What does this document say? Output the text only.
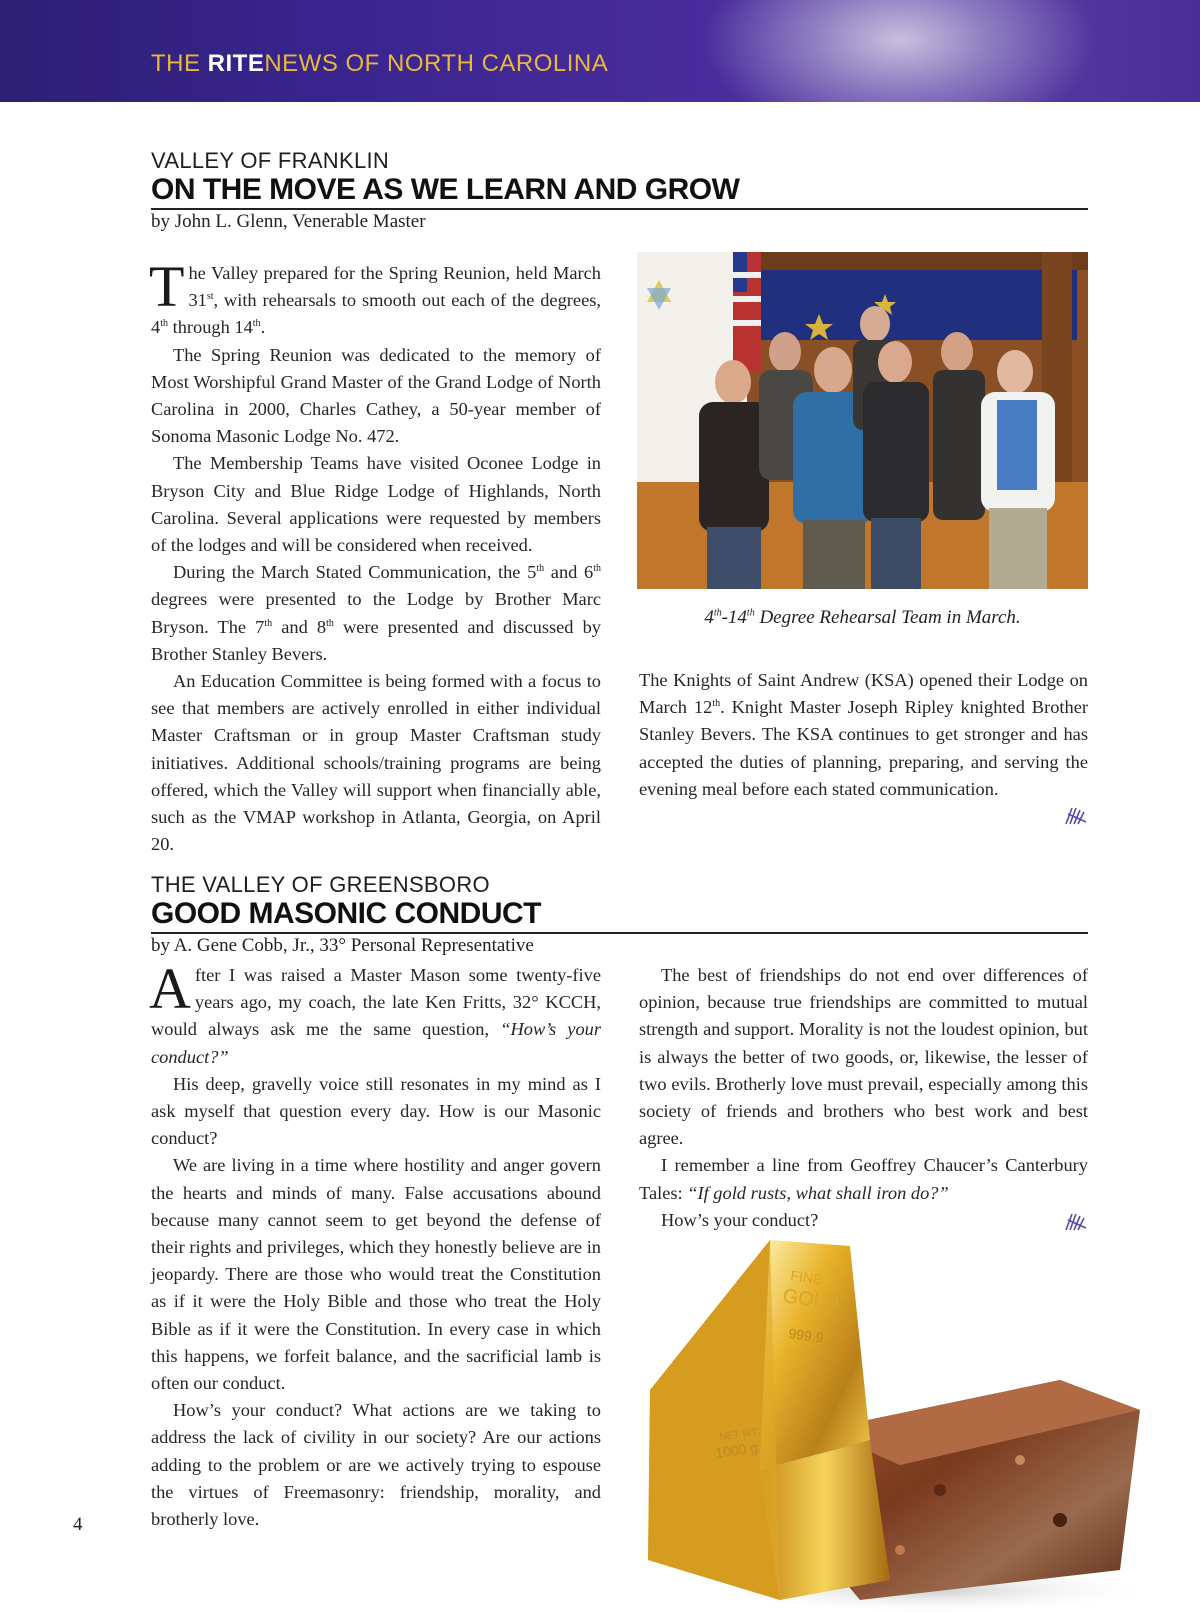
THE RITENEWS OF NORTH CAROLINA
VALLEY OF FRANKLIN
ON THE MOVE AS WE LEARN AND GROW
by John L. Glenn, Venerable Master

The Valley prepared for the Spring Reunion, held March 31st, with rehearsals to smooth out each of the degrees, 4th through 14th.

The Spring Reunion was dedicated to the memory of Most Worshipful Grand Master of the Grand Lodge of North Carolina in 2000, Charles Cathey, a 50-year member of Sonoma Masonic Lodge No. 472.

The Membership Teams have visited Oconee Lodge in Bryson City and Blue Ridge Lodge of Highlands, North Carolina. Several applications were requested by members of the lodges and will be considered when received.

During the March Stated Communication, the 5th and 6th degrees were presented to the Lodge by Brother Marc Bryson. The 7th and 8th were presented and discussed by Brother Stanley Bevers.

An Education Committee is being formed with a focus to see that members are actively enrolled in either individual Master Craftsman or in group Master Craftsman study initiatives. Additional schools/training programs are being offered, which the Valley will support when financially able, such as the VMAP workshop in Atlanta, Georgia, on April 20.

4th-14th Degree Rehearsal Team in March.

The Knights of Saint Andrew (KSA) opened their Lodge on March 12th. Knight Master Joseph Ripley knighted Brother Stanley Bevers. The KSA continues to get stronger and has accepted the duties of planning, preparing, and serving the evening meal before each stated communication.

THE VALLEY OF GREENSBORO
GOOD MASONIC CONDUCT
by A. Gene Cobb, Jr., 33° Personal Representative

After I was raised a Master Mason some twenty-five years ago, my coach, the late Ken Fritts, 32° KCCH, would always ask me the same question, “How’s your conduct?”

His deep, gravelly voice still resonates in my mind as I ask myself that question every day. How is our Masonic conduct?

We are living in a time where hostility and anger govern the hearts and minds of many. False accusations abound because many cannot seem to get beyond the defense of their rights and privileges, which they honestly believe are in jeopardy. There are those who would treat the Constitution as if it were the Holy Bible and those who treat the Holy Bible as if it were the Constitution. In every case in which this happens, we forfeit balance, and the sacrificial lamb is often our conduct.

How’s your conduct? What actions are we taking to address the lack of civility in our society? Are our actions adding to the problem or are we actively trying to espouse the virtues of Freemasonry: friendship, morality, and brotherly love.

The best of friendships do not end over differences of opinion, because true friendships are committed to mutual strength and support. Morality is not the loudest opinion, but is always the better of two goods, or, likewise, the lesser of two evils. Brotherly love must prevail, especially among this society of friends and brothers who best work and best agree.

I remember a line from Geoffrey Chaucer’s Canterbury Tales: “If gold rusts, what shall iron do?”

How’s your conduct?

FINE
GOLD
999.9
NET WT
1000 g
4
